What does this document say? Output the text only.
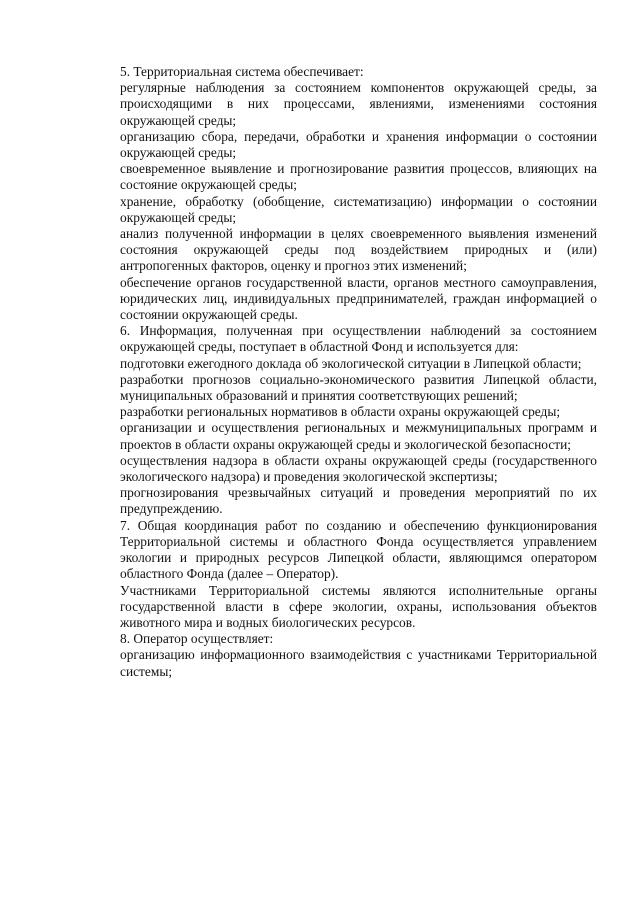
5. Территориальная система обеспечивает:

регулярные наблюдения за состоянием компонентов окружающей среды, за происходящими в них процессами, явлениями, изменениями состояния окружающей среды;

организацию сбора, передачи, обработки и хранения информации о состоянии окружающей среды;

своевременное выявление и прогнозирование развития процессов, влияющих на состояние окружающей среды;

хранение, обработку (обобщение, систематизацию) информации о состоянии окружающей среды;

анализ полученной информации в целях своевременного выявления изменений состояния окружающей среды под воздействием природных и (или) антропогенных факторов, оценку и прогноз этих изменений;

обеспечение органов государственной власти, органов местного самоуправления, юридических лиц, индивидуальных предпринимателей, граждан информацией о состоянии окружающей среды.

6. Информация, полученная при осуществлении наблюдений за состоянием окружающей среды, поступает в областной Фонд и используется для:

подготовки ежегодного доклада об экологической ситуации в Липецкой области;

разработки прогнозов социально-экономического развития Липецкой области, муниципальных образований и принятия соответствующих решений;

разработки региональных нормативов в области охраны окружающей среды;

организации и осуществления региональных и межмуниципальных программ и проектов в области охраны окружающей среды и экологической безопасности;

осуществления надзора в области охраны окружающей среды (государственного экологического надзора) и проведения экологической экспертизы;

прогнозирования чрезвычайных ситуаций и проведения мероприятий по их предупреждению.

7. Общая координация работ по созданию и обеспечению функционирования Территориальной системы и областного Фонда осуществляется управлением экологии и природных ресурсов Липецкой области, являющимся оператором областного Фонда (далее – Оператор).

Участниками Территориальной системы являются исполнительные органы государственной власти в сфере экологии, охраны, использования объектов животного мира и водных биологических ресурсов.

8. Оператор осуществляет:

организацию информационного взаимодействия с участниками Территориальной системы;
